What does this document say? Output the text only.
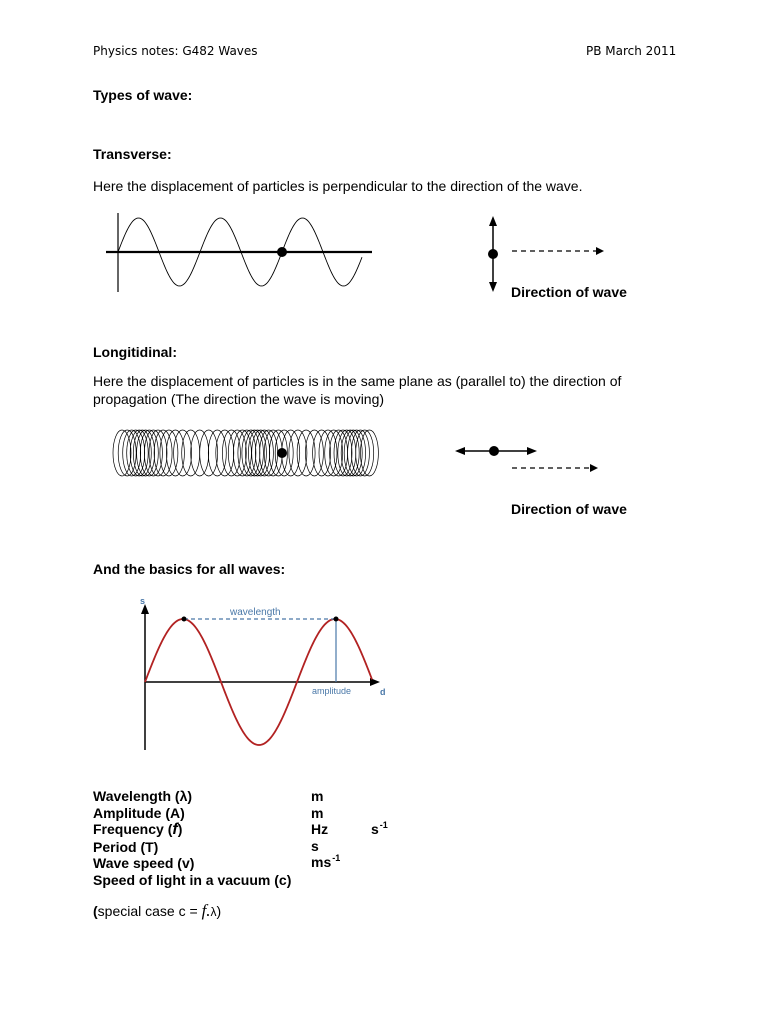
Physics notes: G482 Waves	PB March 2011
Types of wave:
Transverse:
Here the displacement of particles is perpendicular to the direction of the wave.
Direction of wave
Longitidinal:
Here the displacement of particles is in the same plane as (parallel to) the direction of
propagation (The direction the wave is moving)
Direction of wave
And the basics for all waves:
s
d
wavelength
amplitude
Wavelength (λ)
Amplitude (A)
Frequency (f)
Period (T)
Wave speed (v)
Speed of light in a vacuum (c)
m
m
Hz
s
$ms^{-1}$
$s^{-1}$
(special case c = f.λ)
